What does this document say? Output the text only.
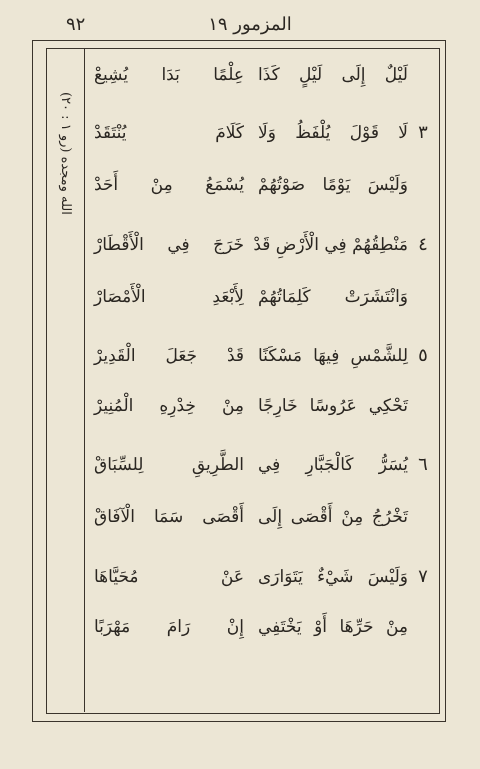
٩٢	المزمور ١٩
الله ومجده (رو ١ : ٢٠)
لَيْلٌ إِلَى لَيْلٍ كَذَا
عِلْمًا بَدَا يُشِيعْ
٣
لَا قَوْلَ يُلْفَظُ وَلَا
كَلَامَ يُنْتَقَدْ
وَلَيْسَ يَوْمًا صَوْتُهُمْ
يُسْمَعُ مِنْ أَحَدْ
٤
مَنْطِقُهُمْ فِي الْأَرْضِ قَدْ
خَرَجَ فِي الْأَقْطَارْ
وَانْتَشَرَتْ كَلِمَاتُهُمْ
لِأَبْعَدِ الْأَمْصَارْ
٥
لِلشَّمْسِ فِيهَا مَسْكَنًا
قَدْ جَعَلَ الْقَدِيرْ
تَحْكِي عَرُوسًا خَارِجًا
مِنْ خِدْرِهِ الْمُنِيرْ
٦
يُسَرُّ كَالْجَبَّارِ فِي
الطَّرِيقِ لِلسِّبَاقْ
تَخْرُجُ مِنْ أَقْصَى إِلَى
أَقْصَى سَمَا الْآفَاقْ
٧
وَلَيْسَ شَيْءٌ يَتَوَارَى
عَنْ مُحَيَّاهَا
مِنْ حَرِّهَا أَوْ يَخْتَفِي
إِنْ رَامَ مَهْرَبًا
